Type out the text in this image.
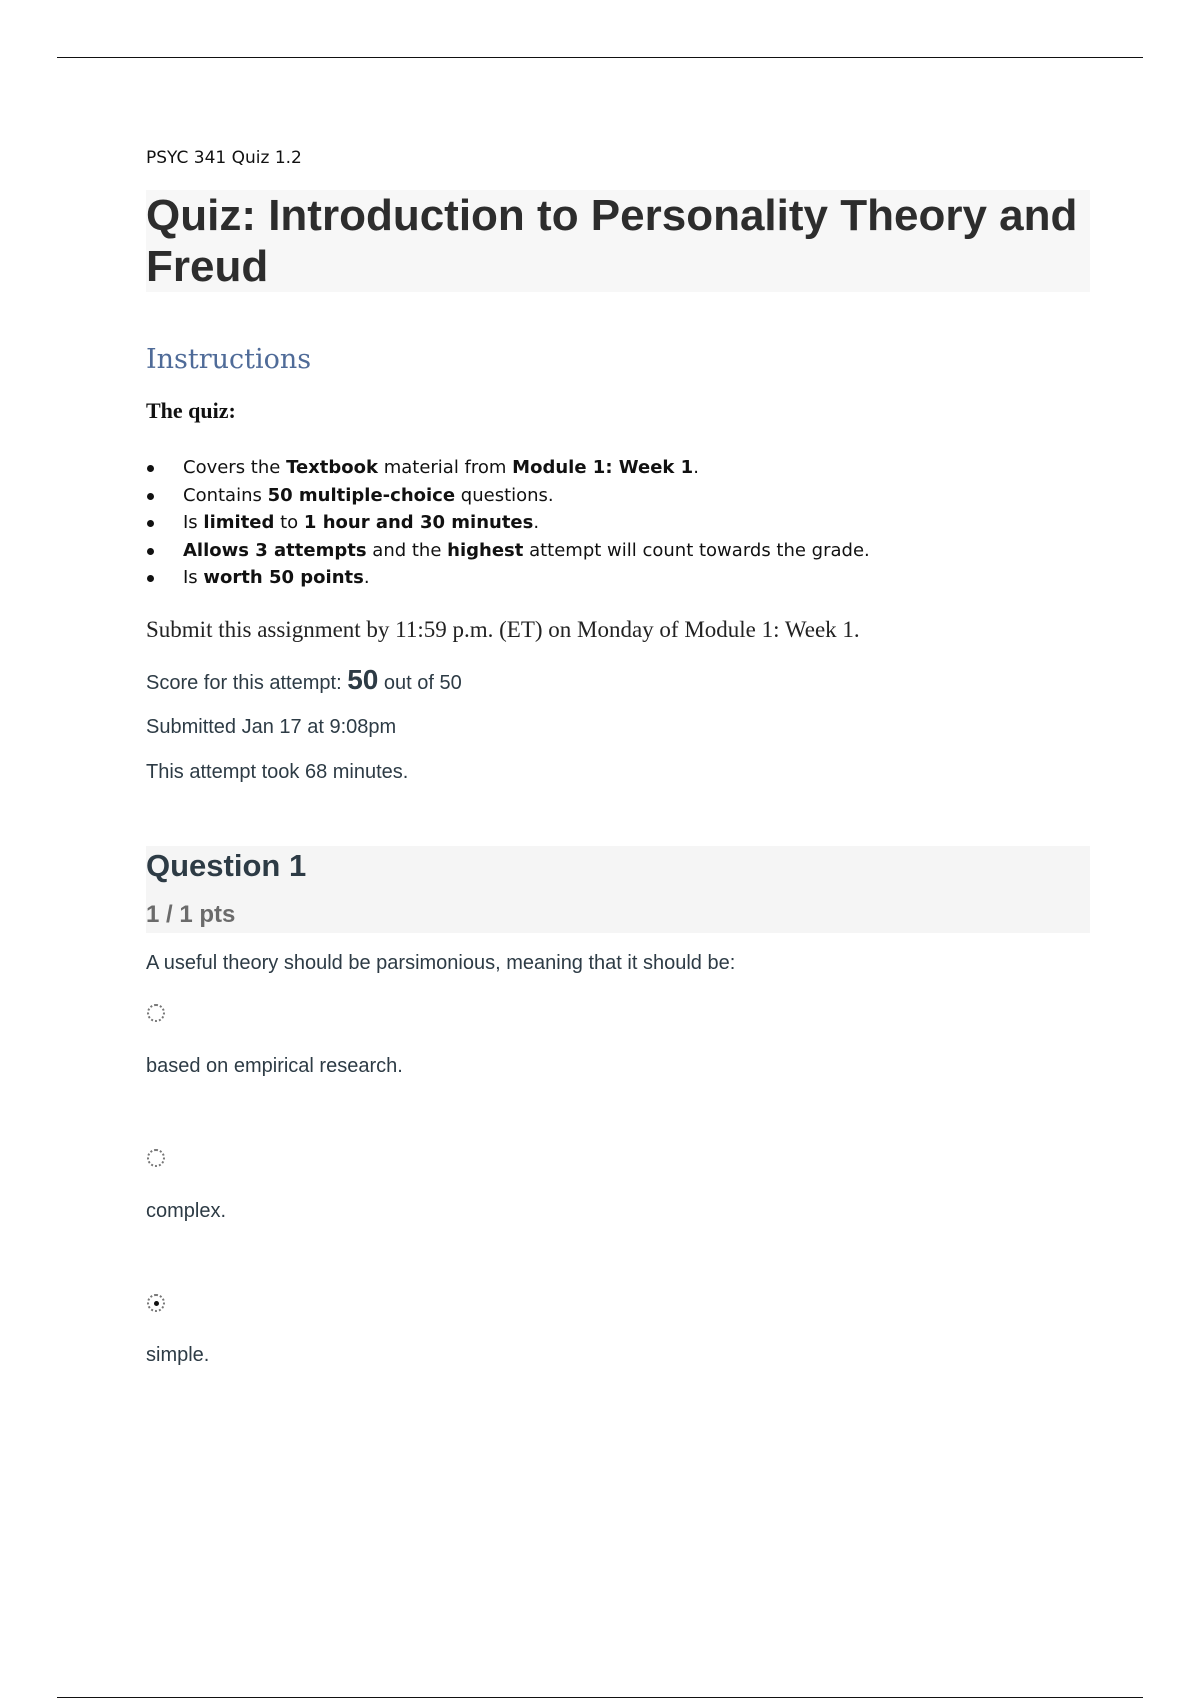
PSYC 341 Quiz 1.2
Quiz: Introduction to Personality Theory and Freud
Instructions
The quiz:
Covers the Textbook material from Module 1: Week 1.
Contains 50 multiple-choice questions.
Is limited to 1 hour and 30 minutes.
Allows 3 attempts and the highest attempt will count towards the grade.
Is worth 50 points.
Submit this assignment by 11:59 p.m. (ET) on Monday of Module 1: Week 1.
Score for this attempt: 50 out of 50
Submitted Jan 17 at 9:08pm
This attempt took 68 minutes.
Question 1
1 / 1 pts
A useful theory should be parsimonious, meaning that it should be:
based on empirical research.
complex.
simple.
